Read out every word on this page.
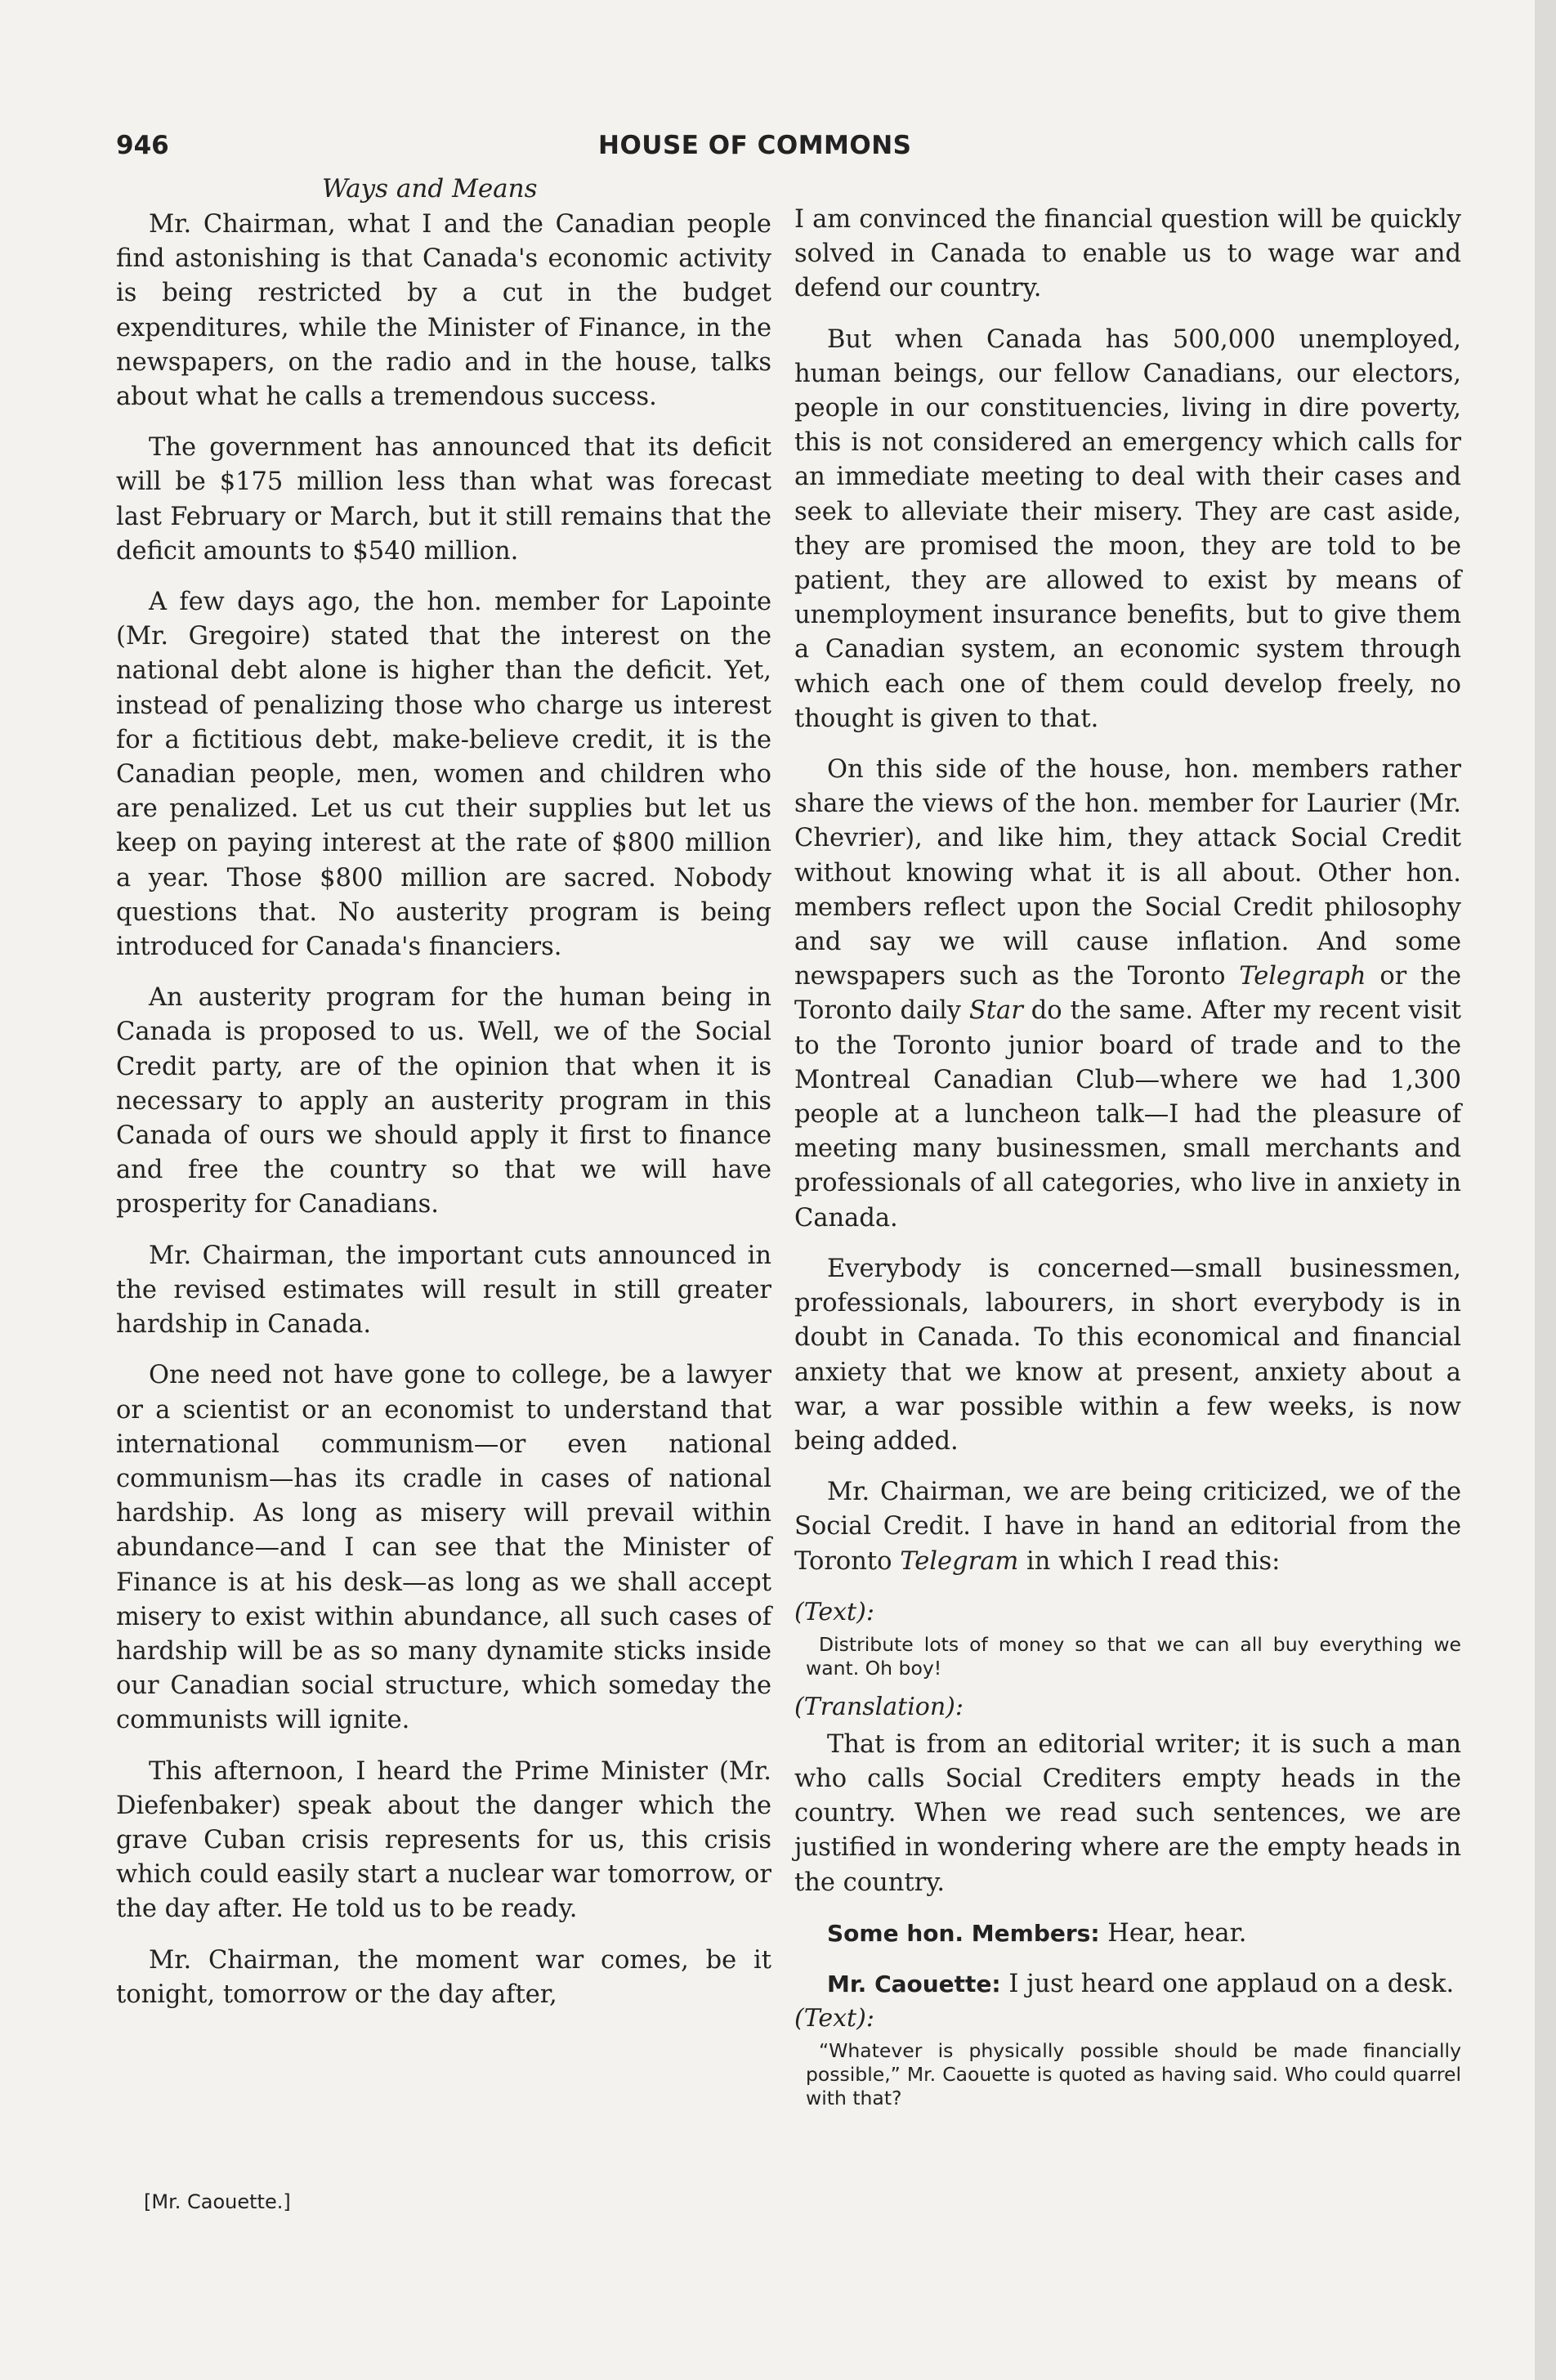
946	HOUSE OF COMMONS
Ways and Means

Mr. Chairman, what I and the Canadian people find astonishing is that Canada's economic activity is being restricted by a cut in the budget expenditures, while the Minister of Finance, in the newspapers, on the radio and in the house, talks about what he calls a tremendous success.

The government has announced that its deficit will be $175 million less than what was forecast last February or March, but it still remains that the deficit amounts to $540 million.

A few days ago, the hon. member for Lapointe (Mr. Gregoire) stated that the interest on the national debt alone is higher than the deficit. Yet, instead of penalizing those who charge us interest for a fictitious debt, make-believe credit, it is the Canadian people, men, women and children who are penalized. Let us cut their supplies but let us keep on paying interest at the rate of $800 million a year. Those $800 million are sacred. Nobody questions that. No austerity program is being introduced for Canada's financiers.

An austerity program for the human being in Canada is proposed to us. Well, we of the Social Credit party, are of the opinion that when it is necessary to apply an austerity program in this Canada of ours we should apply it first to finance and free the country so that we will have prosperity for Canadians.

Mr. Chairman, the important cuts announced in the revised estimates will result in still greater hardship in Canada.

One need not have gone to college, be a lawyer or a scientist or an economist to understand that international communism—or even national communism—has its cradle in cases of national hardship. As long as misery will prevail within abundance—and I can see that the Minister of Finance is at his desk—as long as we shall accept misery to exist within abundance, all such cases of hardship will be as so many dynamite sticks inside our Canadian social structure, which someday the communists will ignite.

This afternoon, I heard the Prime Minister (Mr. Diefenbaker) speak about the danger which the grave Cuban crisis represents for us, this crisis which could easily start a nuclear war tomorrow, or the day after. He told us to be ready.

Mr. Chairman, the moment war comes, be it tonight, tomorrow or the day after,

I am convinced the financial question will be quickly solved in Canada to enable us to wage war and defend our country.

But when Canada has 500,000 unemployed, human beings, our fellow Canadians, our electors, people in our constituencies, living in dire poverty, this is not considered an emergency which calls for an immediate meeting to deal with their cases and seek to alleviate their misery. They are cast aside, they are promised the moon, they are told to be patient, they are allowed to exist by means of unemployment insurance benefits, but to give them a Canadian system, an economic system through which each one of them could develop freely, no thought is given to that.

On this side of the house, hon. members rather share the views of the hon. member for Laurier (Mr. Chevrier), and like him, they attack Social Credit without knowing what it is all about. Other hon. members reflect upon the Social Credit philosophy and say we will cause inflation. And some newspapers such as the Toronto Telegraph or the Toronto daily Star do the same. After my recent visit to the Toronto junior board of trade and to the Montreal Canadian Club—where we had 1,300 people at a luncheon talk—I had the pleasure of meeting many businessmen, small merchants and professionals of all categories, who live in anxiety in Canada.

Everybody is concerned—small businessmen, professionals, labourers, in short everybody is in doubt in Canada. To this economical and financial anxiety that we know at present, anxiety about a war, a war possible within a few weeks, is now being added.

Mr. Chairman, we are being criticized, we of the Social Credit. I have in hand an editorial from the Toronto Telegram in which I read this:

(Text):
Distribute lots of money so that we can all buy everything we want. Oh boy!
(Translation):

That is from an editorial writer; it is such a man who calls Social Crediters empty heads in the country. When we read such sentences, we are justified in wondering where are the empty heads in the country.

Some hon. Members: Hear, hear.

Mr. Caouette: I just heard one applaud on a desk.

(Text):
“Whatever is physically possible should be made financially possible,” Mr. Caouette is quoted as having said. Who could quarrel with that?
[Mr. Caouette.]
